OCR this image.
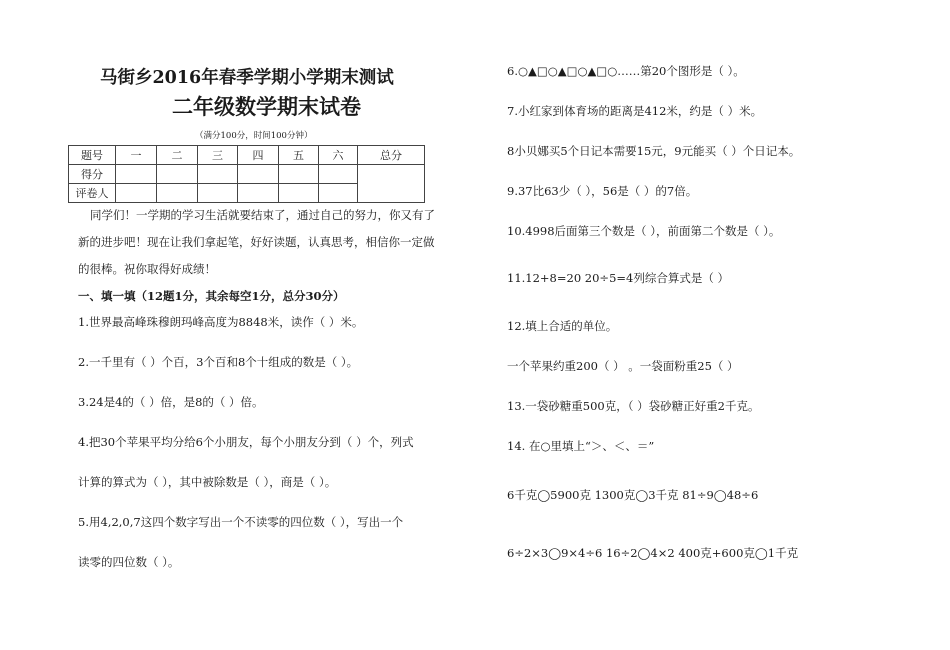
马街乡2016年春季学期小学期末测试
二年级数学期末试卷
（满分100分，时间100分钟）
题号	一	二	三	四	五	六	总分
得分							
评卷人							
同学们！一学期的学习生活就要结束了，通过自己的努力，你又有了
新的进步吧！现在让我们拿起笔，好好读题，认真思考，相信你一定做
的很棒。祝你取得好成绩！
一、填一填（12题1分，其余每空1分，总分30分）
1.世界最高峰珠穆朗玛峰高度为8848米，读作（ ）米。
2.一千里有（ ）个百，3个百和8个十组成的数是（ ）。
3.24是4的（ ）倍，是8的（ ）倍。
4.把30个苹果平均分给6个小朋友，每个小朋友分到（ ）个，列式
计算的算式为（ ），其中被除数是（ ），商是（ ）。
5.用4,2,0,7这四个数字写出一个不读零的四位数（ ），写出一个
读零的四位数（ ）。
6.○▲□○▲□○▲□○……第20个图形是（ ）。
7.小红家到体育场的距离是412米，约是（ ）米。
8小贝娜买5个日记本需要15元，9元能买（ ）个日记本。
9.37比63少（ ），56是（ ）的7倍。
10.4998后面第三个数是（ ），前面第二个数是（ ）。
11.12+8=20 20÷5=4列综合算式是（ ）
12.填上合适的单位。
一个苹果约重200（ ） 。一袋面粉重25（ ）
13.一袋砂糖重500克，（ ）袋砂糖正好重2千克。
14. 在○里填上“＞、＜、＝”
6千克◯5900克 1300克◯3千克 81÷9◯48÷6
6÷2×3◯9×4÷6 16÷2◯4×2 400克+600克◯1千克
